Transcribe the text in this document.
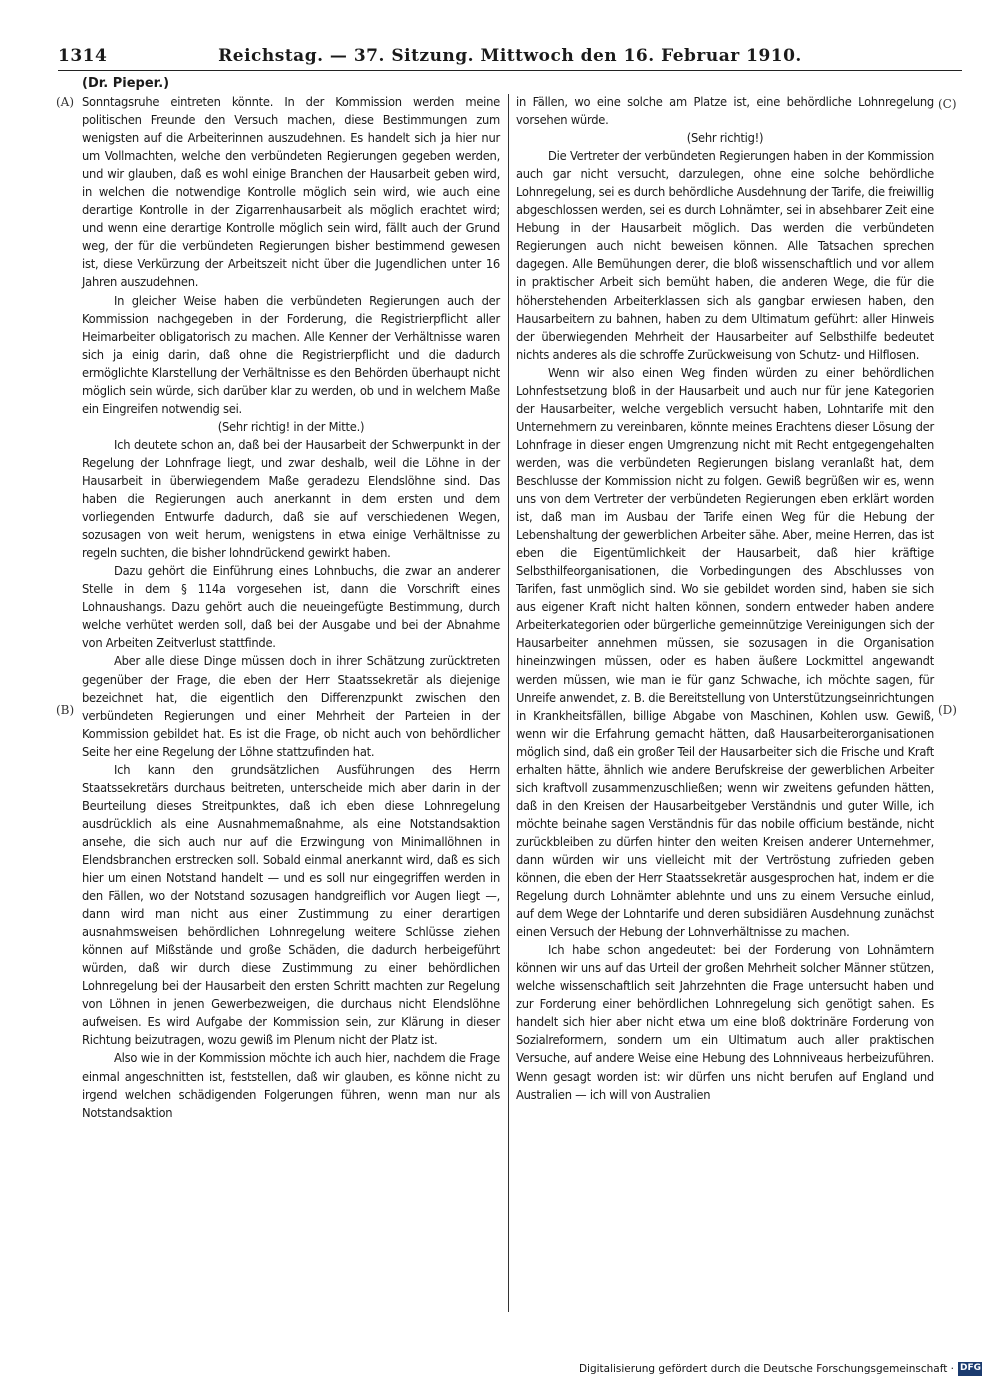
1314	Reichstag. — 37. Sitzung. Mittwoch den 16. Februar 1910.
(Dr. Pieper.)
(A)
(B)
(C)
(D)

Sonntagsruhe eintreten könnte. In der Kommission werden meine politischen Freunde den Versuch machen, diese Bestimmungen zum wenigsten auf die Arbeiterinnen auszudehnen. Es handelt sich ja hier nur um Vollmachten, welche den verbündeten Regierungen gegeben werden, und wir glauben, daß es wohl einige Branchen der Hausarbeit geben wird, in welchen die notwendige Kontrolle möglich sein wird, wie auch eine derartige Kontrolle in der Zigarrenhausarbeit als möglich erachtet wird; und wenn eine derartige Kontrolle möglich sein wird, fällt auch der Grund weg, der für die verbündeten Regierungen bisher bestimmend gewesen ist, diese Verkürzung der Arbeitszeit nicht über die Jugendlichen unter 16 Jahren auszudehnen.

In gleicher Weise haben die verbündeten Regierungen auch der Kommission nachgegeben in der Forderung, die Registrierpflicht aller Heimarbeiter obligatorisch zu machen. Alle Kenner der Verhältnisse waren sich ja einig darin, daß ohne die Registrierpflicht und die dadurch ermöglichte Klarstellung der Verhältnisse es den Behörden überhaupt nicht möglich sein würde, sich darüber klar zu werden, ob und in welchem Maße ein Eingreifen notwendig sei.

(Sehr richtig! in der Mitte.)

Ich deutete schon an, daß bei der Hausarbeit der Schwerpunkt in der Regelung der Lohnfrage liegt, und zwar deshalb, weil die Löhne in der Hausarbeit in überwiegendem Maße geradezu Elendslöhne sind. Das haben die Regierungen auch anerkannt in dem ersten und dem vorliegenden Entwurfe dadurch, daß sie auf verschiedenen Wegen, sozusagen von weit herum, wenigstens in etwa einige Verhältnisse zu regeln suchten, die bisher lohndrückend gewirkt haben.

Dazu gehört die Einführung eines Lohnbuchs, die zwar an anderer Stelle in dem § 114a vorgesehen ist, dann die Vorschrift eines Lohnaushangs. Dazu gehört auch die neueingefügte Bestimmung, durch welche verhütet werden soll, daß bei der Ausgabe und bei der Abnahme von Arbeiten Zeitverlust stattfinde.

Aber alle diese Dinge müssen doch in ihrer Schätzung zurücktreten gegenüber der Frage, die eben der Herr Staatssekretär als diejenige bezeichnet hat, die eigentlich den Differenzpunkt zwischen den verbündeten Regierungen und einer Mehrheit der Parteien in der Kommission gebildet hat. Es ist die Frage, ob nicht auch von behördlicher Seite her eine Regelung der Löhne stattzufinden hat.

Ich kann den grundsätzlichen Ausführungen des Herrn Staatssekretärs durchaus beitreten, unterscheide mich aber darin in der Beurteilung dieses Streitpunktes, daß ich eben diese Lohnregelung ausdrücklich als eine Ausnahmemaßnahme, als eine Notstandsaktion ansehe, die sich auch nur auf die Erzwingung von Minimallöhnen in Elendsbranchen erstrecken soll. Sobald einmal anerkannt wird, daß es sich hier um einen Notstand handelt — und es soll nur eingegriffen werden in den Fällen, wo der Notstand sozusagen handgreiflich vor Augen liegt —, dann wird man nicht aus einer Zustimmung zu einer derartigen ausnahmsweisen behördlichen Lohnregelung weitere Schlüsse ziehen können auf Mißstände und große Schäden, die dadurch herbeigeführt würden, daß wir durch diese Zustimmung zu einer behördlichen Lohnregelung bei der Hausarbeit den ersten Schritt machten zur Regelung von Löhnen in jenen Gewerbezweigen, die durchaus nicht Elendslöhne aufweisen. Es wird Aufgabe der Kommission sein, zur Klärung in dieser Richtung beizutragen, wozu gewiß im Plenum nicht der Platz ist.

Also wie in der Kommission möchte ich auch hier, nachdem die Frage einmal angeschnitten ist, feststellen, daß wir glauben, es könne nicht zu irgend welchen schädigenden Folgerungen führen, wenn man nur als Notstandsaktion

in Fällen, wo eine solche am Platze ist, eine behördliche Lohnregelung vorsehen würde.

(Sehr richtig!)

Die Vertreter der verbündeten Regierungen haben in der Kommission auch gar nicht versucht, darzulegen, ohne eine solche behördliche Lohnregelung, sei es durch behördliche Ausdehnung der Tarife, die freiwillig abgeschlossen werden, sei es durch Lohnämter, sei in absehbarer Zeit eine Hebung in der Hausarbeit möglich. Das werden die verbündeten Regierungen auch nicht beweisen können. Alle Tatsachen sprechen dagegen. Alle Bemühungen derer, die bloß wissenschaftlich und vor allem in praktischer Arbeit sich bemüht haben, die anderen Wege, die für die höherstehenden Arbeiterklassen sich als gangbar erwiesen haben, den Hausarbeitern zu bahnen, haben zu dem Ultimatum geführt: aller Hinweis der überwiegenden Mehrheit der Hausarbeiter auf Selbsthilfe bedeutet nichts anderes als die schroffe Zurückweisung von Schutz- und Hilflosen.

Wenn wir also einen Weg finden würden zu einer behördlichen Lohnfestsetzung bloß in der Hausarbeit und auch nur für jene Kategorien der Hausarbeiter, welche vergeblich versucht haben, Lohntarife mit den Unternehmern zu vereinbaren, könnte meines Erachtens dieser Lösung der Lohnfrage in dieser engen Umgrenzung nicht mit Recht entgegengehalten werden, was die verbündeten Regierungen bislang veranlaßt hat, dem Beschlusse der Kommission nicht zu folgen. Gewiß begrüßen wir es, wenn uns von dem Vertreter der verbündeten Regierungen eben erklärt worden ist, daß man im Ausbau der Tarife einen Weg für die Hebung der Lebenshaltung der gewerblichen Arbeiter sähe. Aber, meine Herren, das ist eben die Eigentümlichkeit der Hausarbeit, daß hier kräftige Selbsthilfeorganisationen, die Vorbedingungen des Abschlusses von Tarifen, fast unmöglich sind. Wo sie gebildet worden sind, haben sie sich aus eigener Kraft nicht halten können, sondern entweder haben andere Arbeiterkategorien oder bürgerliche gemeinnützige Vereinigungen sich der Hausarbeiter annehmen müssen, sie sozusagen in die Organisation hineinzwingen müssen, oder es haben äußere Lockmittel angewandt werden müssen, wie man ie für ganz Schwache, ich möchte sagen, für Unreife anwendet, z. B. die Bereitstellung von Unterstützungseinrichtungen in Krankheitsfällen, billige Abgabe von Maschinen, Kohlen usw. Gewiß, wenn wir die Erfahrung gemacht hätten, daß Hausarbeiterorganisationen möglich sind, daß ein großer Teil der Hausarbeiter sich die Frische und Kraft erhalten hätte, ähnlich wie andere Berufskreise der gewerblichen Arbeiter sich kraftvoll zusammenzuschließen; wenn wir zweitens gefunden hätten, daß in den Kreisen der Hausarbeitgeber Verständnis und guter Wille, ich möchte beinahe sagen Verständnis für das nobile officium bestände, nicht zurückbleiben zu dürfen hinter den weiten Kreisen anderer Unternehmer, dann würden wir uns vielleicht mit der Vertröstung zufrieden geben können, die eben der Herr Staatssekretär ausgesprochen hat, indem er die Regelung durch Lohnämter ablehnte und uns zu einem Versuche einlud, auf dem Wege der Lohntarife und deren subsidiären Ausdehnung zunächst einen Versuch der Hebung der Lohnverhältnisse zu machen.

Ich habe schon angedeutet: bei der Forderung von Lohnämtern können wir uns auf das Urteil der großen Mehrheit solcher Männer stützen, welche wissenschaftlich seit Jahrzehnten die Frage untersucht haben und zur Forderung einer behördlichen Lohnregelung sich genötigt sahen. Es handelt sich hier aber nicht etwa um eine bloß doktrinäre Forderung von Sozialreformern, sondern um ein Ultimatum auch aller praktischen Versuche, auf andere Weise eine Hebung des Lohnniveaus herbeizuführen. Wenn gesagt worden ist: wir dürfen uns nicht berufen auf England und Australien — ich will von Australien

Digitalisierung gefördert durch die Deutsche Forschungsgemeinschaft · DFG
